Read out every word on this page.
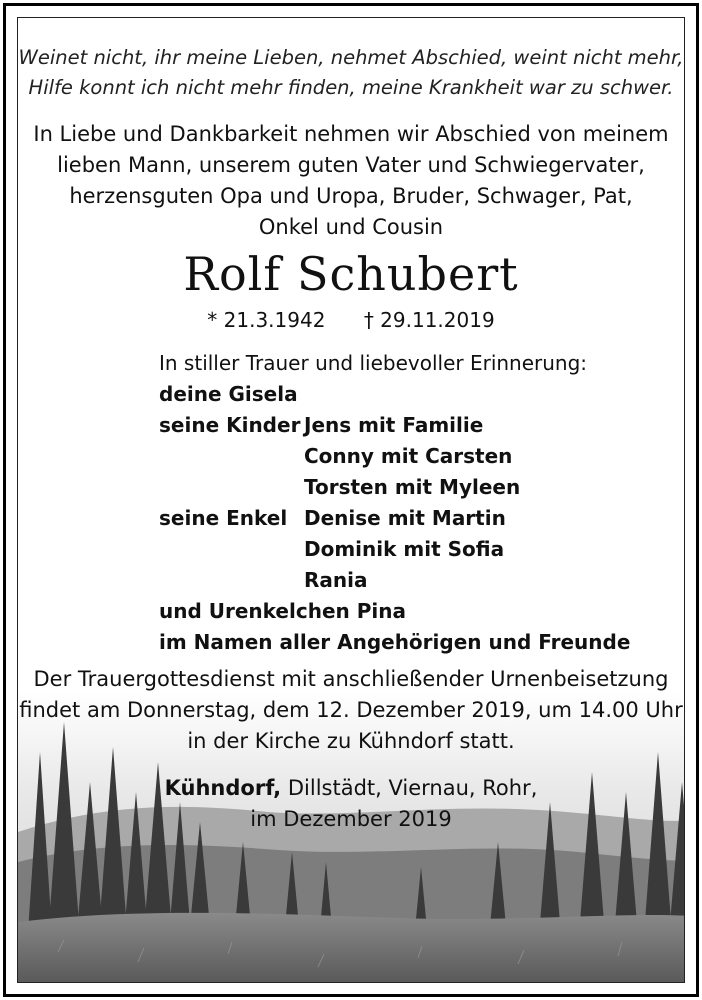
Weinet nicht, ihr meine Lieben, nehmet Abschied, weint nicht mehr,
Hilfe konnt ich nicht mehr finden, meine Krankheit war zu schwer.
In Liebe und Dankbarkeit nehmen wir Abschied von meinem
lieben Mann, unserem guten Vater und Schwiegervater,
herzensguten Opa und Uropa, Bruder, Schwager, Pat,
Onkel und Cousin
Rolf Schubert
* 21.3.1942 † 29.11.2019
In stiller Trauer und liebevoller Erinnerung:
deine Gisela
seine Kinder Jens mit Familie
Conny mit Carsten
Torsten mit Myleen
seine Enkel Denise mit Martin
Dominik mit Sofia
Rania
und Urenkelchen Pina
im Namen aller Angehörigen und Freunde
Der Trauergottesdienst mit anschließender Urnenbeisetzung
findet am Donnerstag, dem 12. Dezember 2019, um 14.00 Uhr
in der Kirche zu Kühndorf statt.
Kühndorf, Dillstädt, Viernau, Rohr,
im Dezember 2019
